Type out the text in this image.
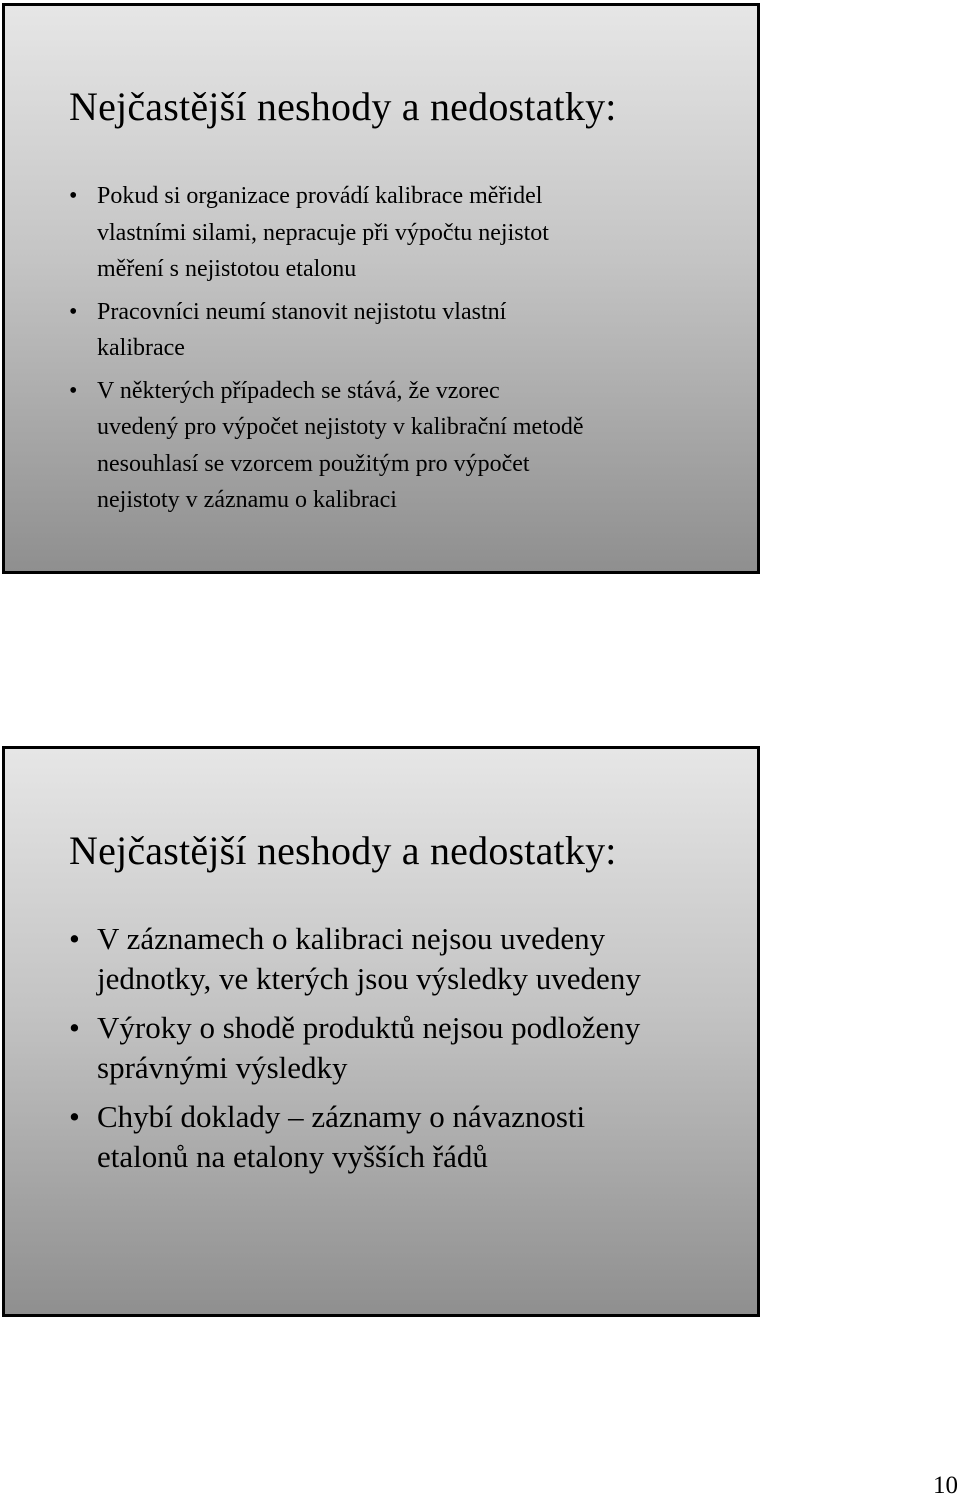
Nejčastější neshody a nedostatky:
• Pokud si organizace provádí kalibrace měřidel
vlastními silami, nepracuje při výpočtu nejistot
měření s nejistotou etalonu
• Pracovníci neumí stanovit nejistotu vlastní
kalibrace
• V některých případech se stává, že vzorec
uvedený pro výpočet nejistoty v kalibrační metodě
nesouhlasí se vzorcem použitým pro výpočet
nejistoty v záznamu o kalibraci
Nejčastější neshody a nedostatky:
• V záznamech o kalibraci nejsou uvedeny
jednotky, ve kterých jsou výsledky uvedeny
• Výroky o shodě produktů nejsou podloženy
správnými výsledky
• Chybí doklady – záznamy o návaznosti
etalonů na etalony vyšších řádů
10
